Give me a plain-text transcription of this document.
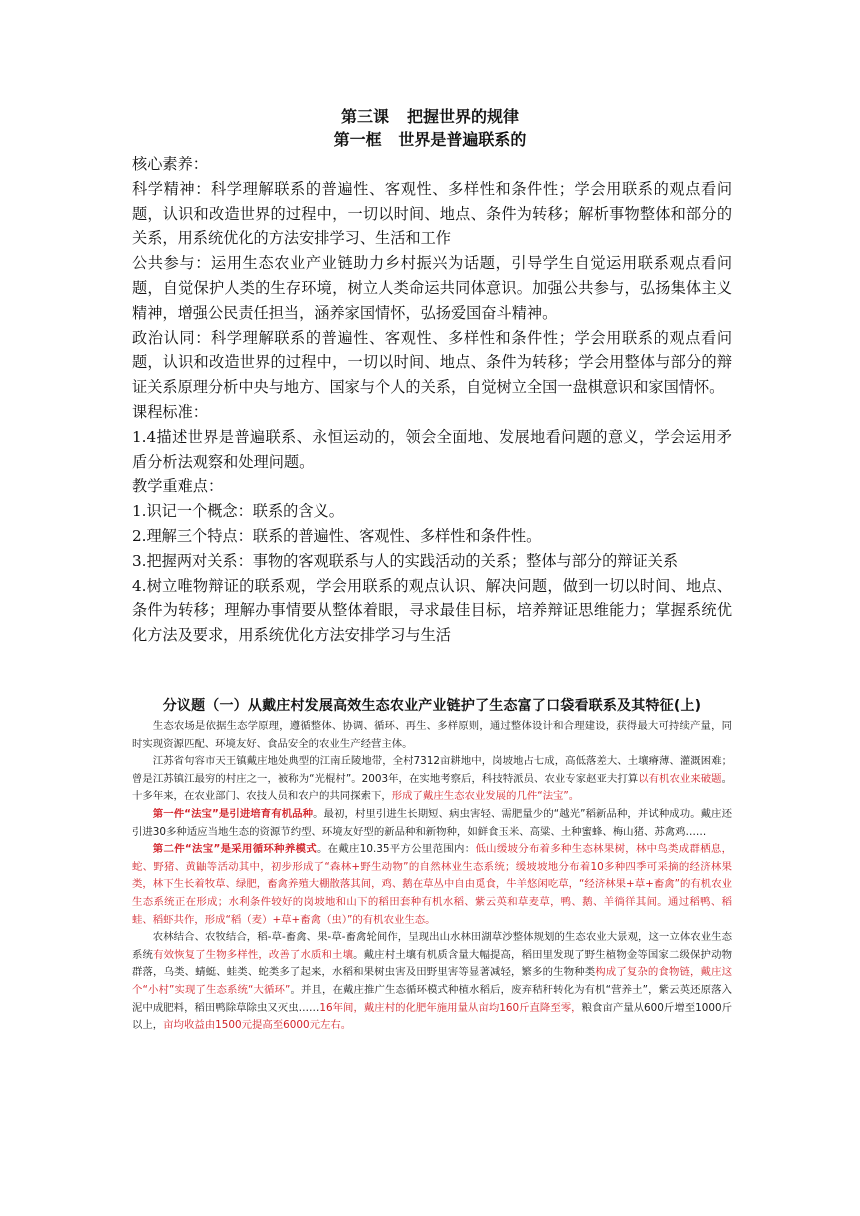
第三课 把握世界的规律
第一框   世界是普遍联系的

核心素养：

科学精神：科学理解联系的普遍性、客观性、多样性和条件性；学会用联系的观点看问题，认识和改造世界的过程中，一切以时间、地点、条件为转移；解析事物整体和部分的关系，用系统优化的方法安排学习、生活和工作

公共参与：运用生态农业产业链助力乡村振兴为话题，引导学生自觉运用联系观点看问题，自觉保护人类的生存环境，树立人类命运共同体意识。加强公共参与，弘扬集体主义精神，增强公民责任担当，涵养家国情怀，弘扬爱国奋斗精神。

政治认同：科学理解联系的普遍性、客观性、多样性和条件性；学会用联系的观点看问题，认识和改造世界的过程中，一切以时间、地点、条件为转移；学会用整体与部分的辩证关系原理分析中央与地方、国家与个人的关系，自觉树立全国一盘棋意识和家国情怀。

课程标准：

1.4描述世界是普遍联系、永恒运动的，领会全面地、发展地看问题的意义，学会运用矛盾分析法观察和处理问题。

教学重难点：

1.识记一个概念：联系的含义。

2.理解三个特点：联系的普遍性、客观性、多样性和条件性。

3.把握两对关系：事物的客观联系与人的实践活动的关系；整体与部分的辩证关系

4.树立唯物辩证的联系观，学会用联系的观点认识、解决问题，做到一切以时间、地点、条件为转移；理解办事情要从整体着眼，寻求最佳目标，培养辩证思维能力；掌握系统优化方法及要求，用系统优化方法安排学习与生活

分议题（一）从戴庄村发展高效生态农业产业链护了生态富了口袋看联系及其特征(上)

生态农场是依据生态学原理，遵循整体、协调、循环、再生、多样原则，通过整体设计和合理建设，获得最大可持续产量，同时实现资源匹配、环境友好、食品安全的农业生产经营主体。

江苏省句容市天王镇戴庄地处典型的江南丘陵地带，全村7312亩耕地中，岗坡地占七成，高低落差大、土壤瘠薄、灌溉困难；曾是江苏镇江最穷的村庄之一，被称为“光棍村”。2003年，在实地考察后，科技特派员、农业专家赵亚夫打算以有机农业来破题。十多年来，在农业部门、农技人员和农户的共同探索下，形成了戴庄生态农业发展的几件“法宝”。

第一件“法宝”是引进培育有机品种。最初，村里引进生长期短、病虫害轻、需肥量少的“越光”稻新品种，并试种成功。戴庄还引进30多种适应当地生态的资源节约型、环境友好型的新品种和新物种，如鲜食玉米、高粱、土种蜜蜂、梅山猪、苏禽鸡……

第二件“法宝”是采用循环种养模式。在戴庄10.35平方公里范围内：低山缓坡分布着多种生态林果树，林中鸟类成群栖息，蛇、野猪、黄鼬等活动其中，初步形成了“森林+野生动物”的自然林业生态系统；缓坡坡地分布着10多种四季可采摘的经济林果类，林下生长着牧草、绿肥，畜禽养殖大棚散落其间，鸡、鹅在草丛中自由觅食，牛羊悠闲吃草，“经济林果+草+畜禽”的有机农业生态系统正在形成；水利条件较好的岗坡地和山下的稻田套种有机水稻、紫云英和草麦草，鸭、鹅、羊徜徉其间。通过稻鸭、稻蛙、稻虾共作，形成“稻（麦）+草+畜禽（虫）”的有机农业生态。

农林结合、农牧结合，稻-草-畜禽、果-草-畜禽轮间作，呈现出山水林田湖草沙整体规划的生态农业大景观，这一立体农业生态系统有效恢复了生物多样性，改善了水质和土壤。戴庄村土壤有机质含量大幅提高，稻田里发现了野生植物金等国家二级保护动物群落，乌类、蜻蜓、蛙类、蛇类多了起来，水稻和果树虫害及田野里害等显著减轻，繁多的生物种类构成了复杂的食物链，戴庄这个“小村”实现了生态系统“大循环”。并且，在戴庄推广生态循环模式种植水稻后，废弃秸秆转化为有机“营养土”，紫云英还原落入泥中成肥料，稻田鸭除草除虫又灭虫……16年间，戴庄村的化肥年施用量从亩均160斤直降至零，粮食亩产量从600斤增至1000斤以上，亩均收益由1500元提高至6000元左右。
